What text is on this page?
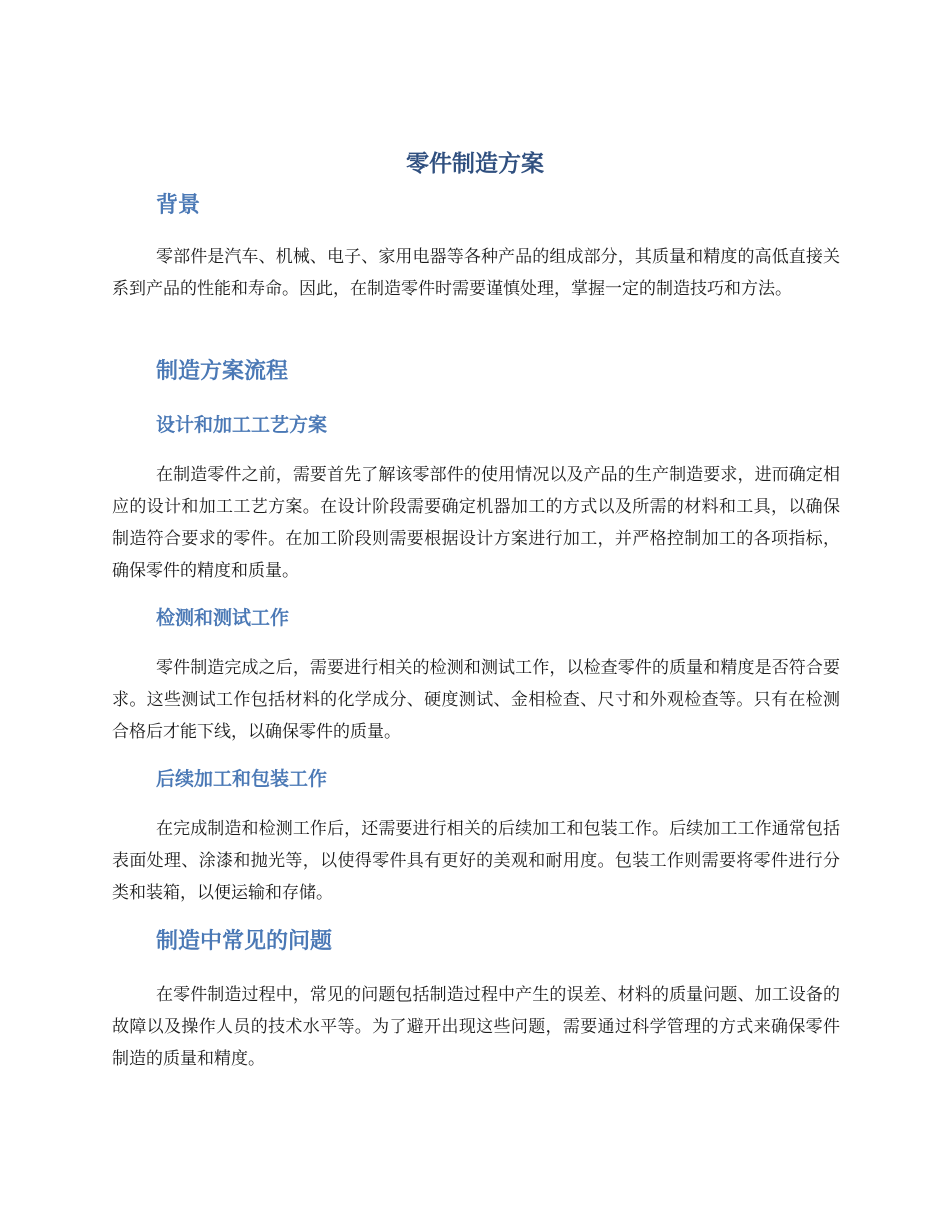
零件制造方案
背景

零部件是汽车、机械、电子、家用电器等各种产品的组成部分，其质量和精度的高低直接关系到产品的性能和寿命。因此，在制造零件时需要谨慎处理，掌握一定的制造技巧和方法。

制造方案流程
设计和加工工艺方案

在制造零件之前，需要首先了解该零部件的使用情况以及产品的生产制造要求，进而确定相应的设计和加工工艺方案。在设计阶段需要确定机器加工的方式以及所需的材料和工具，以确保制造符合要求的零件。在加工阶段则需要根据设计方案进行加工，并严格控制加工的各项指标，确保零件的精度和质量。

检测和测试工作

零件制造完成之后，需要进行相关的检测和测试工作，以检查零件的质量和精度是否符合要求。这些测试工作包括材料的化学成分、硬度测试、金相检查、尺寸和外观检查等。只有在检测合格后才能下线，以确保零件的质量。

后续加工和包装工作

在完成制造和检测工作后，还需要进行相关的后续加工和包装工作。后续加工工作通常包括表面处理、涂漆和抛光等，以使得零件具有更好的美观和耐用度。包装工作则需要将零件进行分类和装箱，以便运输和存储。

制造中常见的问题

在零件制造过程中，常见的问题包括制造过程中产生的误差、材料的质量问题、加工设备的故障以及操作人员的技术水平等。为了避开出现这些问题，需要通过科学管理的方式来确保零件制造的质量和精度。
